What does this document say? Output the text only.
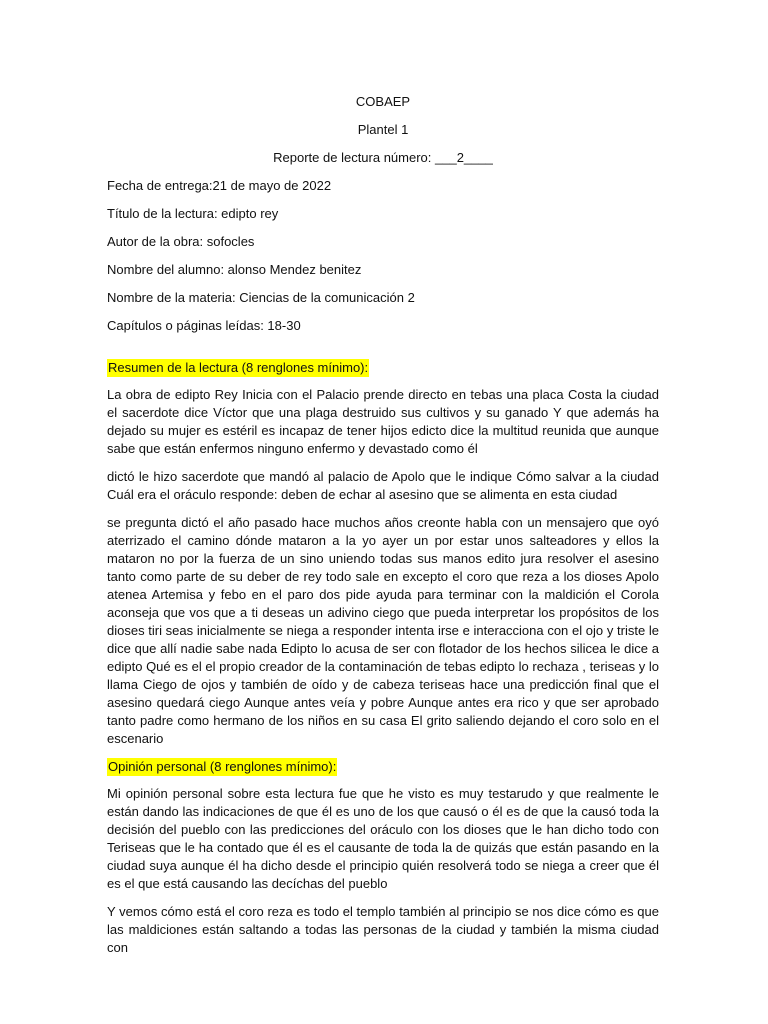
COBAEP

Plantel 1

Reporte de lectura número: ___2____

Fecha de entrega:21 de mayo de 2022

Título de la lectura: edipto rey

Autor de la obra: sofocles

Nombre del alumno: alonso Mendez benitez

Nombre de la materia: Ciencias de la comunicación 2

Capítulos o páginas leídas: 18-30

Resumen de la lectura (8 renglones mínimo):

La obra de edipto Rey Inicia con el Palacio prende directo en tebas una placa Costa la ciudad el sacerdote dice Víctor que una plaga destruido sus cultivos y su ganado Y que además ha dejado su mujer es estéril es incapaz de tener hijos edicto dice la multitud reunida que aunque sabe que están enfermos ninguno enfermo y devastado como él

dictó le hizo sacerdote que mandó al palacio de Apolo que le indique Cómo salvar a la ciudad Cuál era el oráculo responde: deben de echar al asesino que se alimenta en esta ciudad

se pregunta dictó el año pasado hace muchos años creonte habla con un mensajero que oyó aterrizado el camino dónde mataron a la yo ayer un por estar unos salteadores y ellos la mataron no por la fuerza de un sino uniendo todas sus manos edito jura resolver el asesino tanto como parte de su deber de rey todo sale en excepto el coro que reza a los dioses Apolo atenea Artemisa y febo en el paro dos pide ayuda para terminar con la maldición el Corola aconseja que vos que a ti deseas un adivino ciego que pueda interpretar los propósitos de los dioses tiri seas inicialmente se niega a responder intenta irse e interacciona con el ojo y triste le dice que allí nadie sabe nada Edipto lo acusa de ser con flotador de los hechos silicea le dice a edipto Qué es el el propio creador de la contaminación de tebas edipto lo rechaza , teriseas y lo llama Ciego de ojos y también de oído y de cabeza teriseas hace una predicción final que el asesino quedará ciego Aunque antes veía y pobre Aunque antes era rico y que ser aprobado tanto padre como hermano de los niños en su casa El grito saliendo dejando el coro solo en el escenario

Opinión personal (8 renglones mínimo):

Mi opinión personal sobre esta lectura fue que he visto es muy testarudo y que realmente le están dando las indicaciones de que él es uno de los que causó o él es de que la causó toda la decisión del pueblo con las predicciones del oráculo con los dioses que le han dicho todo con Teriseas que le ha contado que él es el causante de toda la de quizás que están pasando en la ciudad suya aunque él ha dicho desde el principio quién resolverá todo se niega a creer que él es el que está causando las decíchas del pueblo

Y vemos cómo está el coro reza es todo el templo también al principio se nos dice cómo es que las maldiciones están saltando a todas las personas de la ciudad y también la misma ciudad con
